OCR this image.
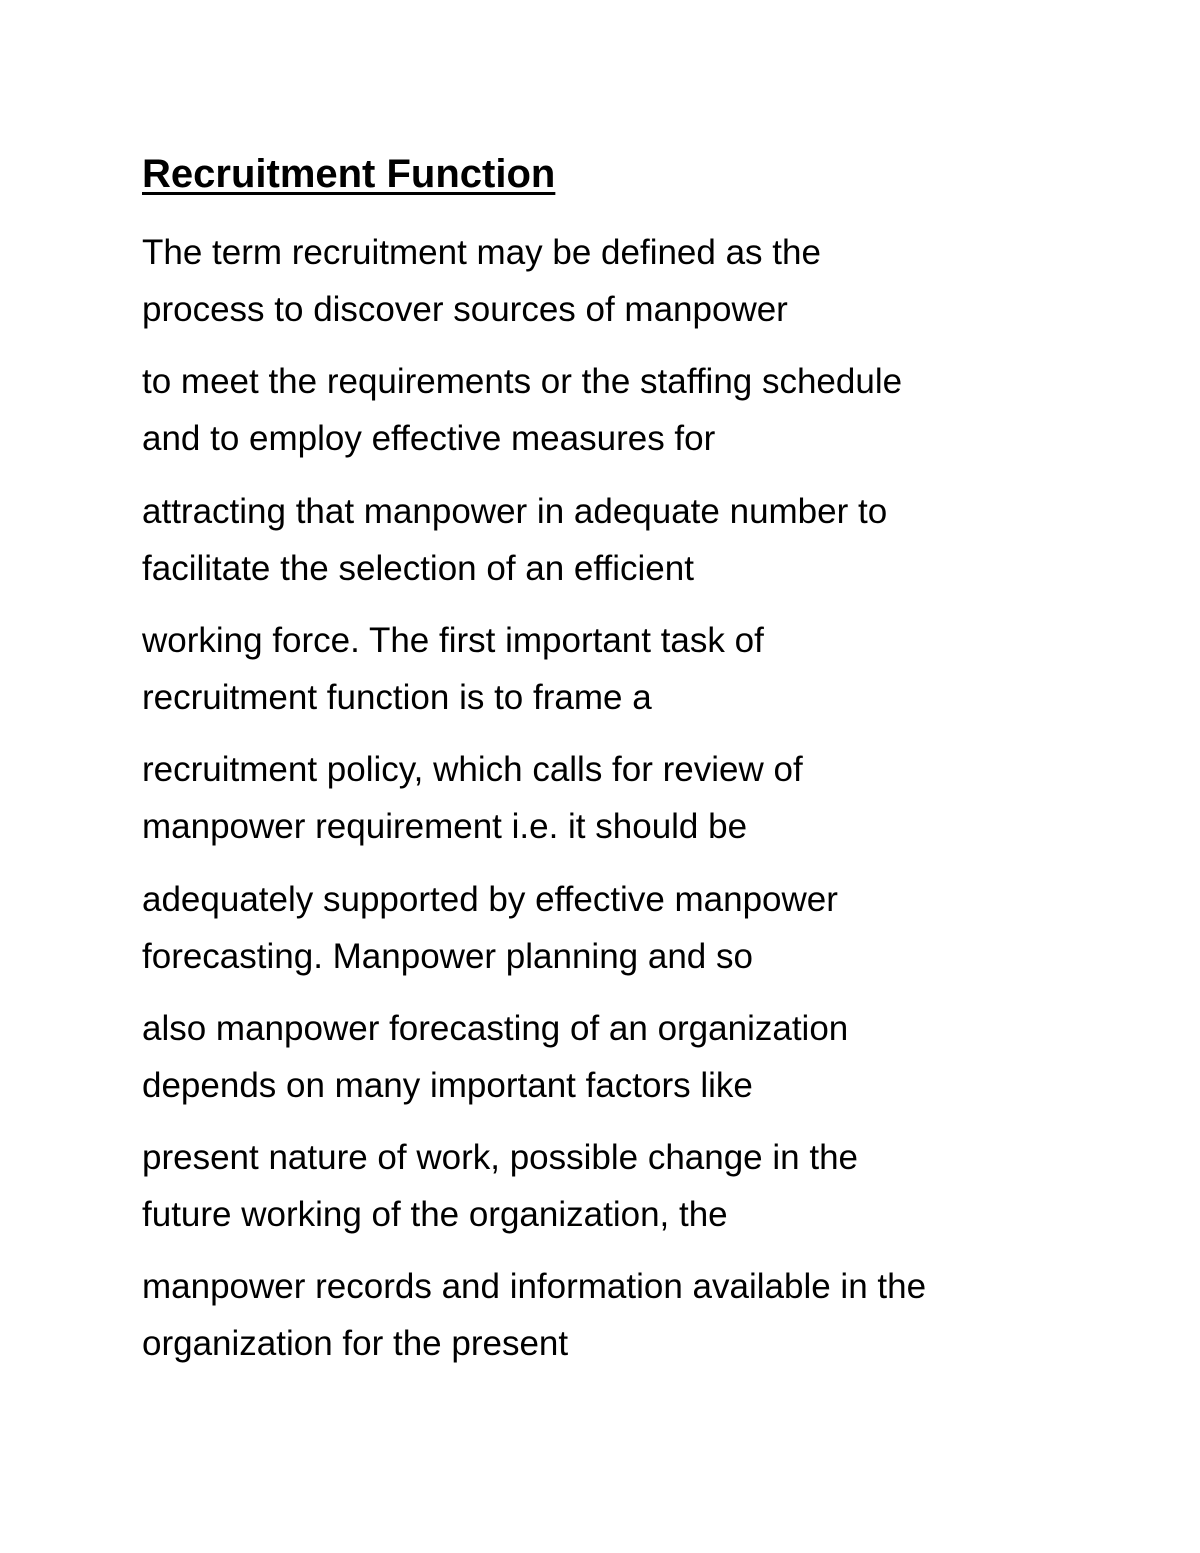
Recruitment Function

The term recruitment may be defined as the
process to discover sources of manpower

to meet the requirements or the staffing schedule
and to employ effective measures for

attracting that manpower in adequate number to
facilitate the selection of an efficient

working force. The first important task of
recruitment function is to frame a

recruitment policy, which calls for review of
manpower requirement i.e. it should be

adequately supported by effective manpower
forecasting. Manpower planning and so

also manpower forecasting of an organization
depends on many important factors like

present nature of work, possible change in the
future working of the organization, the

manpower records and information available in the
organization for the present
